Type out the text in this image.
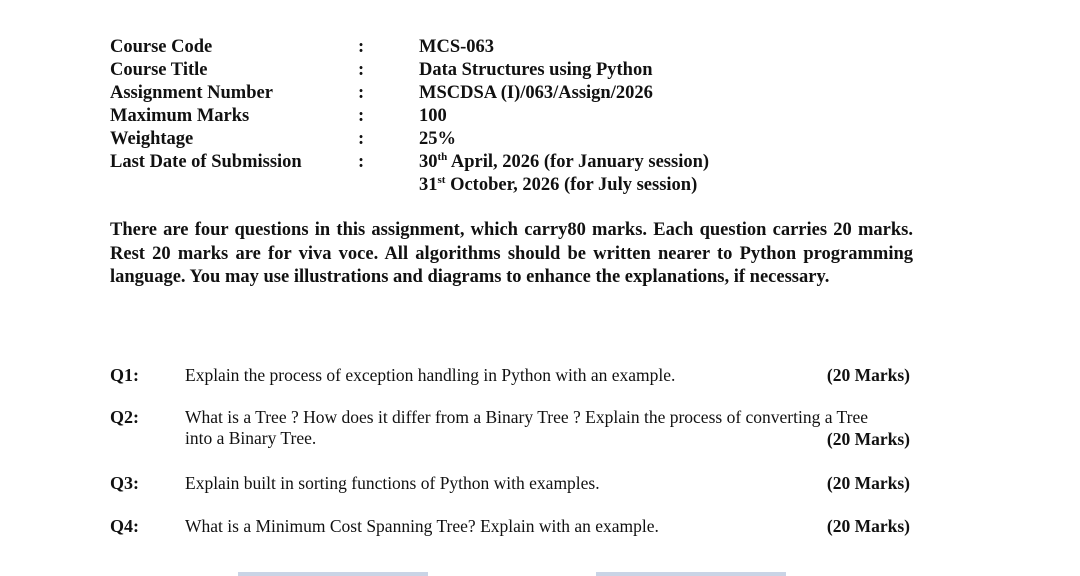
Course Code	:	MCS-063
Course Title	:	Data Structures using Python
Assignment Number	:	MSCDSA (I)/063/Assign/2026
Maximum Marks	:	100
Weightage	:	25%
Last Date of Submission	:	30th April, 2026 (for January session)
31st October, 2026 (for July session)
There are four questions in this assignment, which carry80 marks. Each question carries 20 marks. Rest 20 marks are for viva voce. All algorithms should be written nearer to Python programming language. You may use illustrations and diagrams to enhance the explanations, if necessary.
Q1:	Explain the process of exception handling in Python with an example.	(20 Marks)
Q2:	What is a Tree ? How does it differ from a Binary Tree ? Explain the process of converting a Tree into a Binary Tree.	(20 Marks)
Q3:	Explain built in sorting functions of Python with examples.	(20 Marks)
Q4:	What is a Minimum Cost Spanning Tree? Explain with an example.	(20 Marks)
